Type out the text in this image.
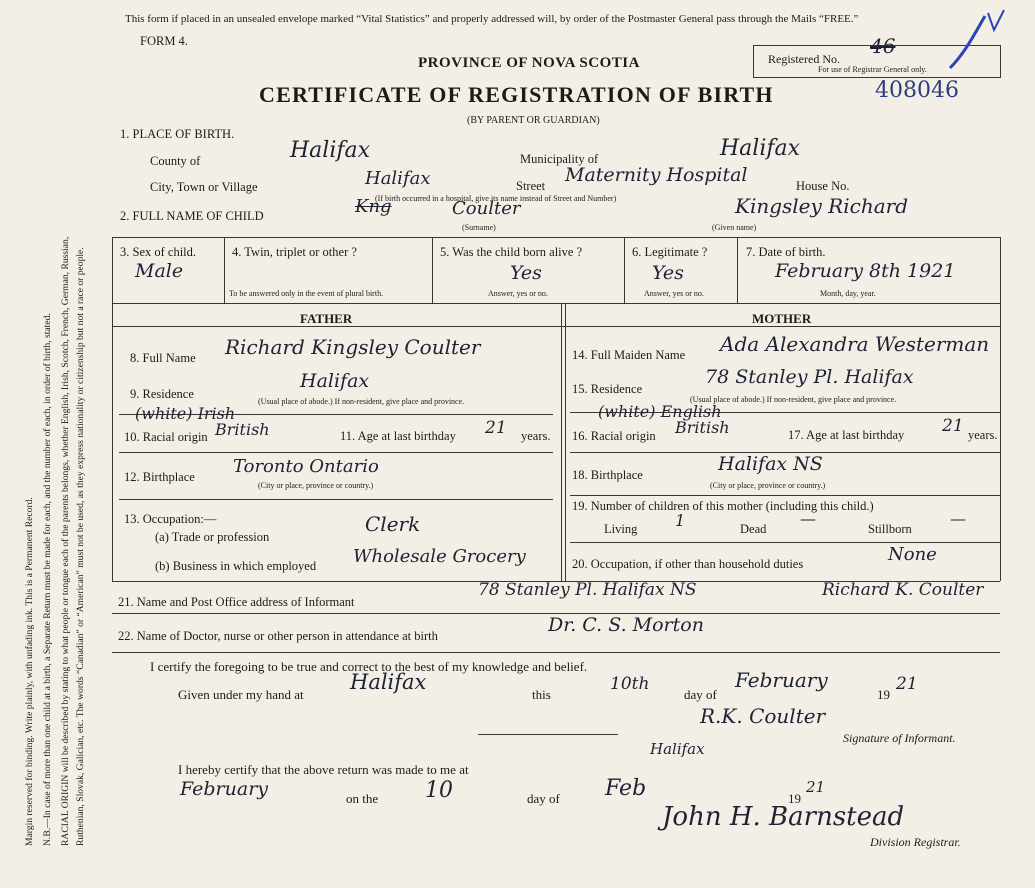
Margin reserved for binding. Write plainly, with unfading ink. This is a Permanent Record. N.B.—In case of more than one child at a birth, a Separate Return must be made for each, and the number of each, in order of birth, stated. RACIAL ORIGIN will be described by stating to what people or tongue each of the parents belongs, whether English, Irish, Scotch, French, German, Russian, Ruthenian, Slovak, Galician, etc. The words “Canadian” or “American” must not be used, as they express nationality or citizenship but not a race or people.
This form if placed in an unsealed envelope marked “Vital Statistics” and properly addressed will, by order of the Postmaster General pass through the Mails “FREE.”
FORM 4.
PROVINCE OF NOVA SCOTIA
CERTIFICATE OF REGISTRATION OF BIRTH
(BY PARENT OR GUARDIAN)
Registered No.
46
For use of Registrar General only.
408046
1. PLACE OF BIRTH.
County of	Halifax	Municipality of	Halifax
City, Town or Village	Halifax	Street Maternity Hospital	House No.
(If birth occurred in a hospital, give its name instead of Street and Number)
2. FULL NAME OF CHILD	Kng	Coulter	Kingsley Richard
(Surname)	(Given name)
3. Sex of child.
Male
4. Twin, triplet or other ?
To be answered only in the event of plural birth.
5. Was the child born alive ?
Yes
Answer, yes or no.
6. Legitimate ?
Yes
Answer, yes or no.
7. Date of birth.
February 8th 1921
Month, day, year.
FATHER	MOTHER
8. Full Name Richard Kingsley Coulter
9. Residence
Halifax
(Usual place of abode.) If non-resident, give place and province.
10. Racial origin
(white) Irish
British	11. Age at last birthday 21 years.
12. Birthplace Toronto Ontario
(City or place, province or country.)
13. Occupation:—
(a) Trade or profession
Clerk
(b) Business in which employed Wholesale Grocery
14. Full Maiden Name Ada Alexandra Westerman
15. Residence
78 Stanley Pl. Halifax
(Usual place of abode.) If non-resident, give place and province.
16. Racial origin
(white) English
British	17. Age at last birthday 21 years.
18. Birthplace	Halifax NS
(City or place, province or country.)
19. Number of children of this mother (including this child.)
Living 1	Dead
—
Stillborn
—
20. Occupation, if other than household duties	None
21. Name and Post Office address of Informant
78 Stanley Pl. Halifax NS	Richard K. Coulter
22. Name of Doctor, nurse or other person in attendance at birth	Dr. C. S. Morton
I certify the foregoing to be true and correct to the best of my knowledge and belief.
Given under my hand at
Halifax
this
10th
day of
February
19
21
R.K. Coulter
Signature of Informant.
I hereby certify that the above return was made to me at
Halifax
February	on the 10	day of Feb	19
21
John H. Barnstead
Division Registrar.
